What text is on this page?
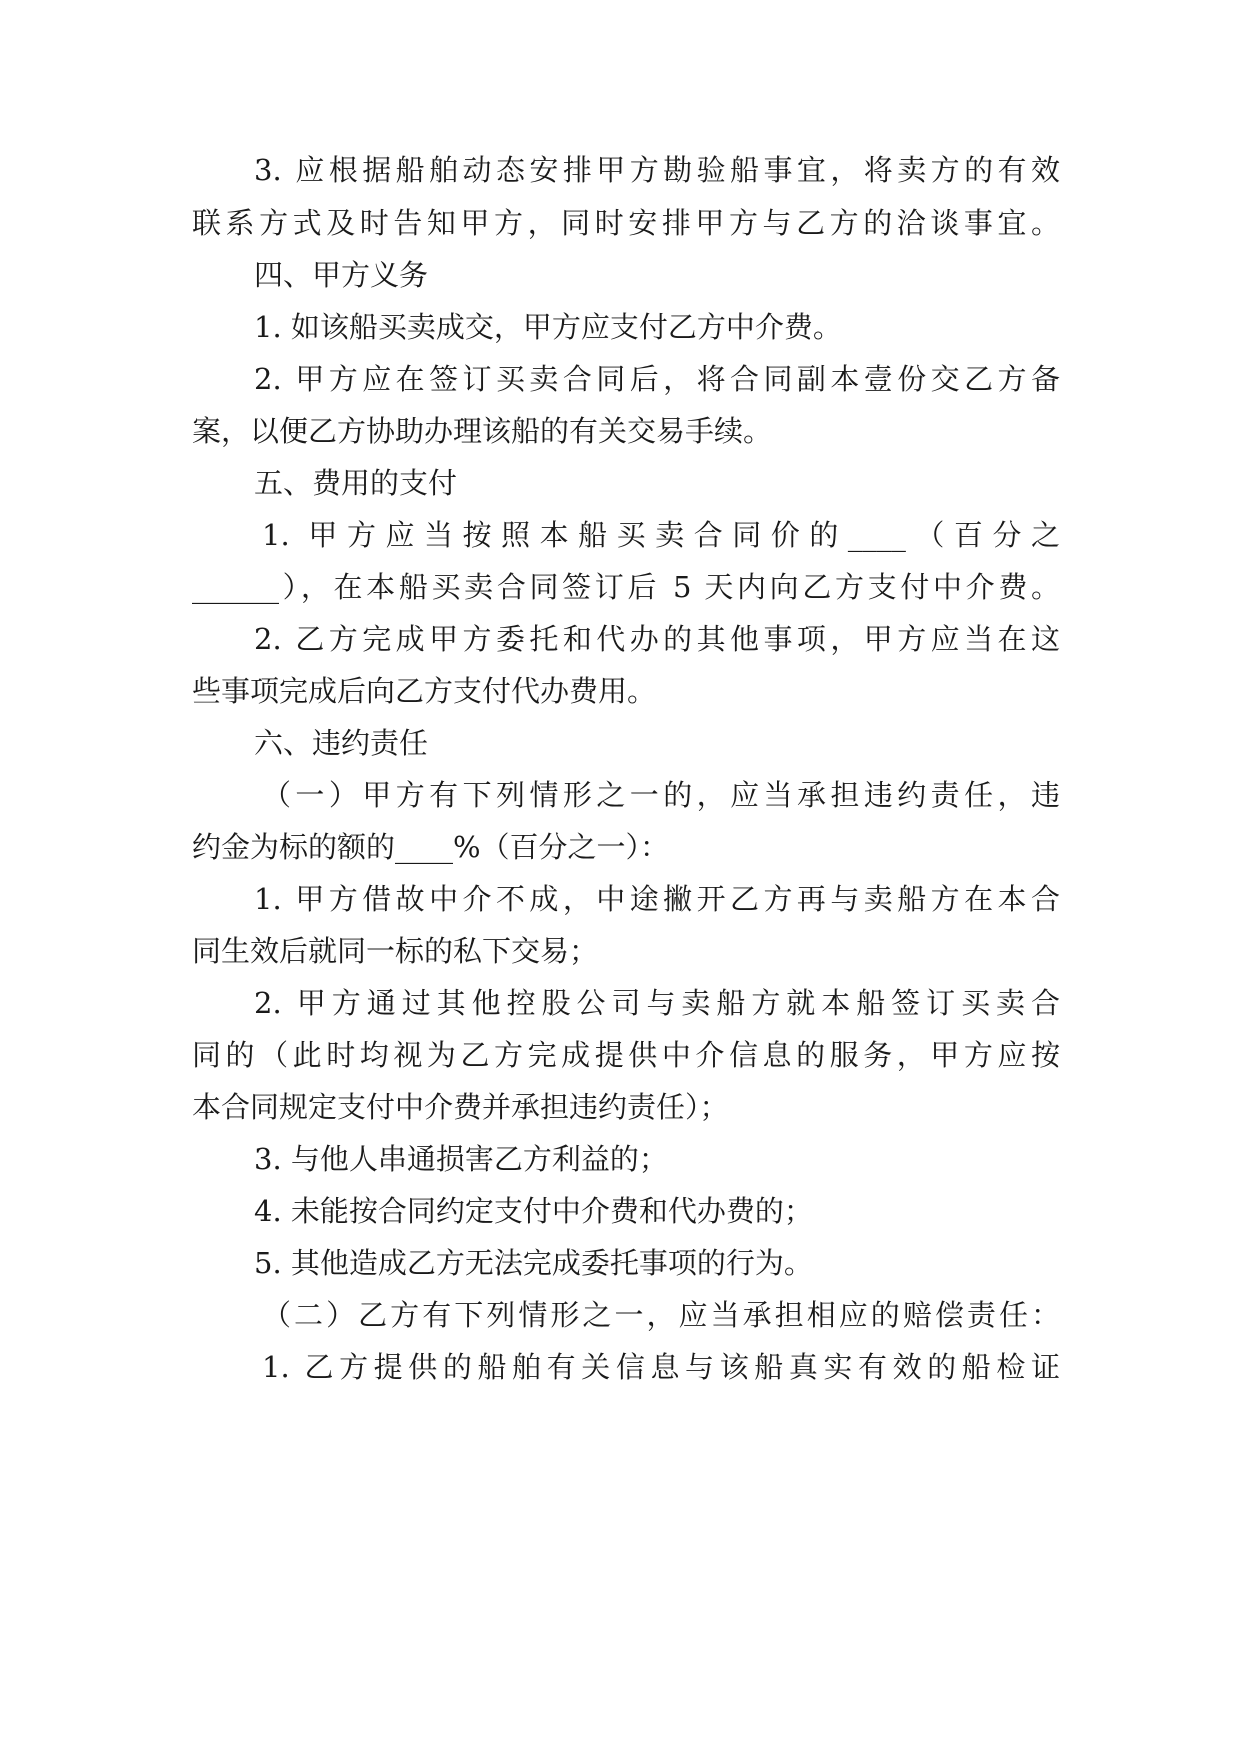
3. 应根据船舶动态安排甲方勘验船事宜，将卖方的有效
联系方式及时告知甲方，同时安排甲方与乙方的洽谈事宜。
四、甲方义务
1. 如该船买卖成交，甲方应支付乙方中介费。
2. 甲方应在签订买卖合同后，将合同副本壹份交乙方备
案，以便乙方协助办理该船的有关交易手续。
五、费用的支付
1. 甲方应当按照本船买卖合同价的____（百分之
______），在本船买卖合同签订后 5 天内向乙方支付中介费。
2. 乙方完成甲方委托和代办的其他事项，甲方应当在这
些事项完成后向乙方支付代办费用。
六、违约责任
（一）甲方有下列情形之一的，应当承担违约责任，违
约金为标的额的____%（百分之一）：
1. 甲方借故中介不成，中途撇开乙方再与卖船方在本合
同生效后就同一标的私下交易；
2. 甲方通过其他控股公司与卖船方就本船签订买卖合
同的（此时均视为乙方完成提供中介信息的服务，甲方应按
本合同规定支付中介费并承担违约责任）；
3. 与他人串通损害乙方利益的；
4. 未能按合同约定支付中介费和代办费的；
5. 其他造成乙方无法完成委托事项的行为。
（二）乙方有下列情形之一，应当承担相应的赔偿责任：
1. 乙方提供的船舶有关信息与该船真实有效的船检证
